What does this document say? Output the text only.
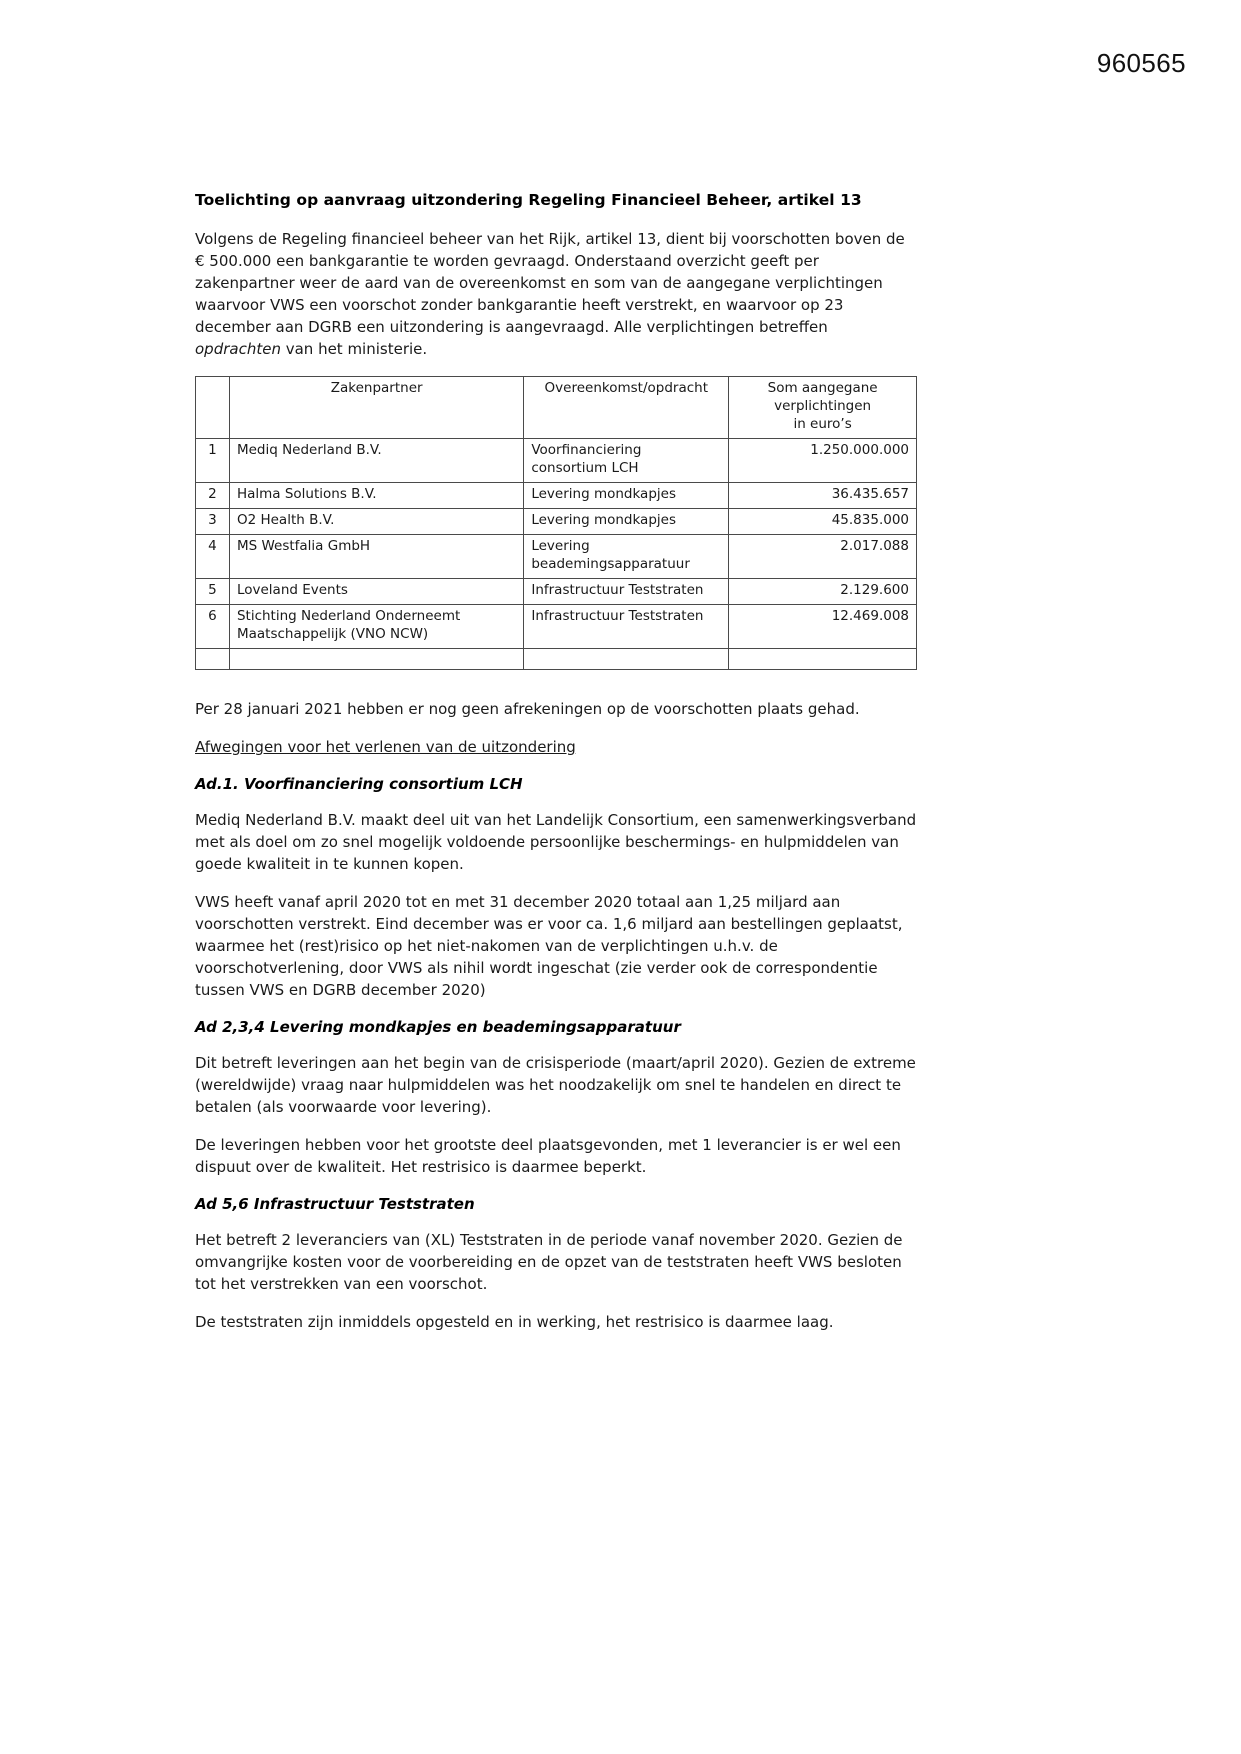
960565
Toelichting op aanvraag uitzondering Regeling Financieel Beheer, artikel 13

Volgens de Regeling financieel beheer van het Rijk, artikel 13, dient bij voorschotten boven de € 500.000 een bankgarantie te worden gevraagd. Onderstaand overzicht geeft per zakenpartner weer de aard van de overeenkomst en som van de aangegane verplichtingen waarvoor VWS een voorschot zonder bankgarantie heeft verstrekt, en waarvoor op 23 december aan DGRB een uitzondering is aangevraagd. Alle verplichtingen betreffen opdrachten van het ministerie.

	Zakenpartner	Overeenkomst/opdracht	Som aangegane
verplichtingen
in euro’s

1	Mediq Nederland B.V.	Voorfinanciering consortium LCH	1.250.000.000
2	Halma Solutions B.V.	Levering mondkapjes	36.435.657
3	O2 Health B.V.	Levering mondkapjes	45.835.000
4	MS Westfalia GmbH	Levering beademingsapparatuur	2.017.088
5	Loveland Events	Infrastructuur Teststraten	2.129.600
6	Stichting Nederland Onderneemt Maatschappelijk (VNO NCW)	Infrastructuur Teststraten	12.469.008

Per 28 januari 2021 hebben er nog geen afrekeningen op de voorschotten plaats gehad.

Afwegingen voor het verlenen van de uitzondering
Ad.1. Voorfinanciering consortium LCH

Mediq Nederland B.V. maakt deel uit van het Landelijk Consortium, een samenwerkingsverband met als doel om zo snel mogelijk voldoende persoonlijke beschermings- en hulpmiddelen van goede kwaliteit in te kunnen kopen.

VWS heeft vanaf april 2020 tot en met 31 december 2020 totaal aan 1,25 miljard aan voorschotten verstrekt. Eind december was er voor ca. 1,6 miljard aan bestellingen geplaatst, waarmee het (rest)risico op het niet-nakomen van de verplichtingen u.h.v. de voorschotverlening, door VWS als nihil wordt ingeschat (zie verder ook de correspondentie tussen VWS en DGRB december 2020)

Ad 2,3,4 Levering mondkapjes en beademingsapparatuur

Dit betreft leveringen aan het begin van de crisisperiode (maart/april 2020). Gezien de extreme (wereldwijde) vraag naar hulpmiddelen was het noodzakelijk om snel te handelen en direct te betalen (als voorwaarde voor levering).

De leveringen hebben voor het grootste deel plaatsgevonden, met 1 leverancier is er wel een dispuut over de kwaliteit. Het restrisico is daarmee beperkt.

Ad 5,6 Infrastructuur Teststraten

Het betreft 2 leveranciers van (XL) Teststraten in de periode vanaf november 2020. Gezien de omvangrijke kosten voor de voorbereiding en de opzet van de teststraten heeft VWS besloten tot het verstrekken van een voorschot.

De teststraten zijn inmiddels opgesteld en in werking, het restrisico is daarmee laag.
